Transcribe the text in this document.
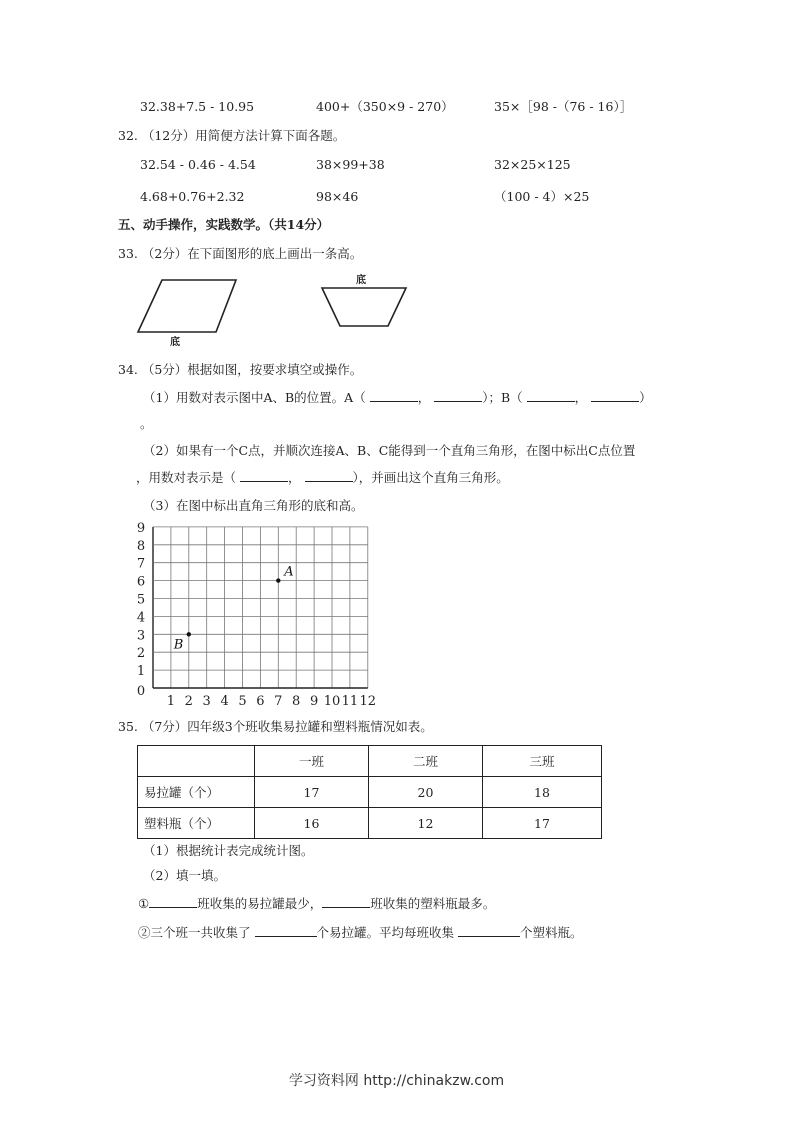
32.38+7.5 - 10.95	400+（350×9 - 270）	35×［98 -（76 - 16）］
32. （12分）用简便方法计算下面各题。
32.54 - 0.46 - 4.54	38×99+38	32×25×125
4.68+0.76+2.32	98×46	（100 - 4）×25
五、动手操作，实践数学。（共14分）
33. （2分）在下面图形的底上画出一条高。
底
底
34. （5分）根据如图，按要求填空或操作。
（1）用数对表示图中A、B的位置。A（	，	）；B（	，	）
。
（2）如果有一个C点，并顺次连接A、B、C能得到一个直角三角形，在图中标出C点位置
，用数对表示是（	，	），并画出这个直角三角形。
（3）在图中标出直角三角形的底和高。
1 2 3 4 5 6 7 8 9 10 11 12
0
1
2
3
4
5
6
7
8
9
A
B
35. （7分）四年级3个班收集易拉罐和塑料瓶情况如表。
	一班	二班	三班
易拉罐（个）	17	20	18
塑料瓶（个）	16	12	17
（1）根据统计表完成统计图。
（2）填一填。
①	班收集的易拉罐最少，	班收集的塑料瓶最多。
②三个班一共收集了	个易拉罐。平均每班收集	个塑料瓶。
学习资料网 http://chinakzw.com
